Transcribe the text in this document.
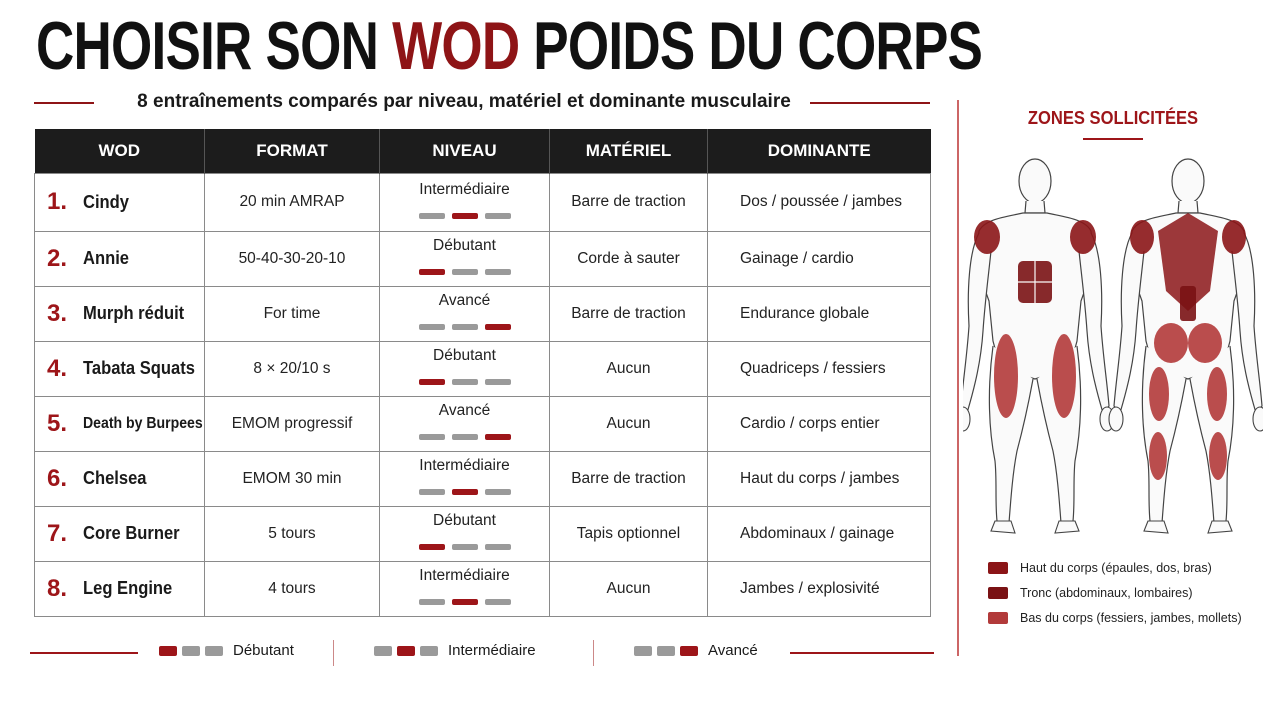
CHOISIR SON WOD POIDS DU CORPS
8 entraînements comparés par niveau, matériel et dominante musculaire
WOD	FORMAT	NIVEAU	MATÉRIEL	DOMINANTE
1. Cindy	20 min AMRAP	Intermédiaire	Barre de traction	Dos / poussée / jambes
2. Annie	50-40-30-20-10	Débutant	Corde à sauter	Gainage / cardio
3. Murph réduit	For time	Avancé	Barre de traction	Endurance globale
4. Tabata Squats	8 × 20/10 s	Débutant	Aucun	Quadriceps / fessiers
5. Death by Burpees	EMOM progressif	Avancé	Aucun	Cardio / corps entier
6. Chelsea	EMOM 30 min	Intermédiaire	Barre de traction	Haut du corps / jambes
7. Core Burner	5 tours	Débutant	Tapis optionnel	Abdominaux / gainage
8. Leg Engine	4 tours	Intermédiaire	Aucun	Jambes / explosivité
Débutant	Intermédiaire	Avancé
ZONES SOLLICITÉES
Haut du corps (épaules, dos, bras)
Tronc (abdominaux, lombaires)
Bas du corps (fessiers, jambes, mollets)
